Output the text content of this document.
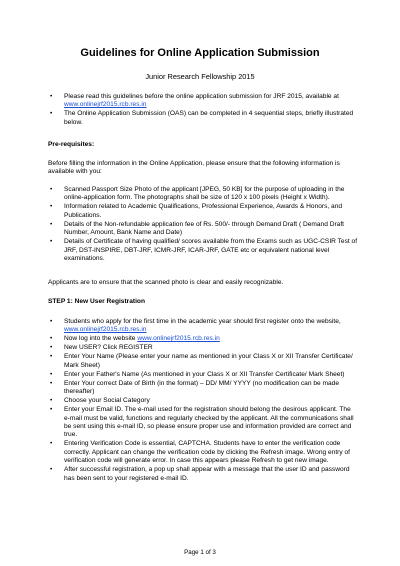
Guidelines for Online Application Submission
Junior Research Fellowship 2015
• Please read this guidelines before the online application submission for JRF 2015, available at www.onlinejrf2015.rcb.res.in
• The Online Application Submission (OAS) can be completed in 4 sequential steps, briefly illustrated below.
Pre-requisites:
Before filling the information in the Online Application, please ensure that the following information is available with you:
• Scanned Passport Size Photo of the applicant [JPEG, 50 KB] for the purpose of uploading in the online-application form. The photographs shall be size of 120 x 100 pixels (Height x Width).
• Information related to Academic Qualifications, Professional Experience, Awards & Honors, and Publications.
• Details of the Non-refundable application fee of Rs. 500/- through Demand Draft ( Demand Draft Number, Amount, Bank Name and Date)
• Details of Certificate of having qualified/ scores available from the Exams such as UGC-CSIR Test of JRF, DST-INSPIRE, DBT-JRF, ICMR-JRF, ICAR-JRF, GATE etc or equivalent national level examinations.
Applicants are to ensure that the scanned photo is clear and easily recognizable.
STEP 1: New User Registration
• Students who apply for the first time in the academic year should first register onto the website, www.onlinejrf2015.rcb.res.in
• Now log into the website www.onlinejrf2015.rcb.res.in
• New USER? Click REGISTER
• Enter Your Name (Please enter your name as mentioned in your Class X or XII Transfer Certificate/ Mark Sheet)
• Enter your Father's Name (As mentioned in your Class X or XII Transfer Certificate/ Mark Sheet)
• Enter Your correct Date of Birth (in the format) – DD/ MM/ YYYY (no modification can be made thereafter)
• Choose your Social Category
• Enter your Email ID. The e-mail used for the registration should belong the desirous applicant. The e-mail must be valid, functions and regularly checked by the applicant. All the communications shall be sent using this e-mail ID, so please ensure proper use and information provided are correct and true.
• Entering Verification Code is essential, CAPTCHA. Students have to enter the verification code correctly. Applicant can change the verification code by clicking the Refresh image. Wrong entry of verification code will generate error. In case this appears please Refresh to get new image.
• After successful registration, a pop up shall appear with a message that the user ID and password has been sent to your registered e-mail ID.
Page 1 of 3
